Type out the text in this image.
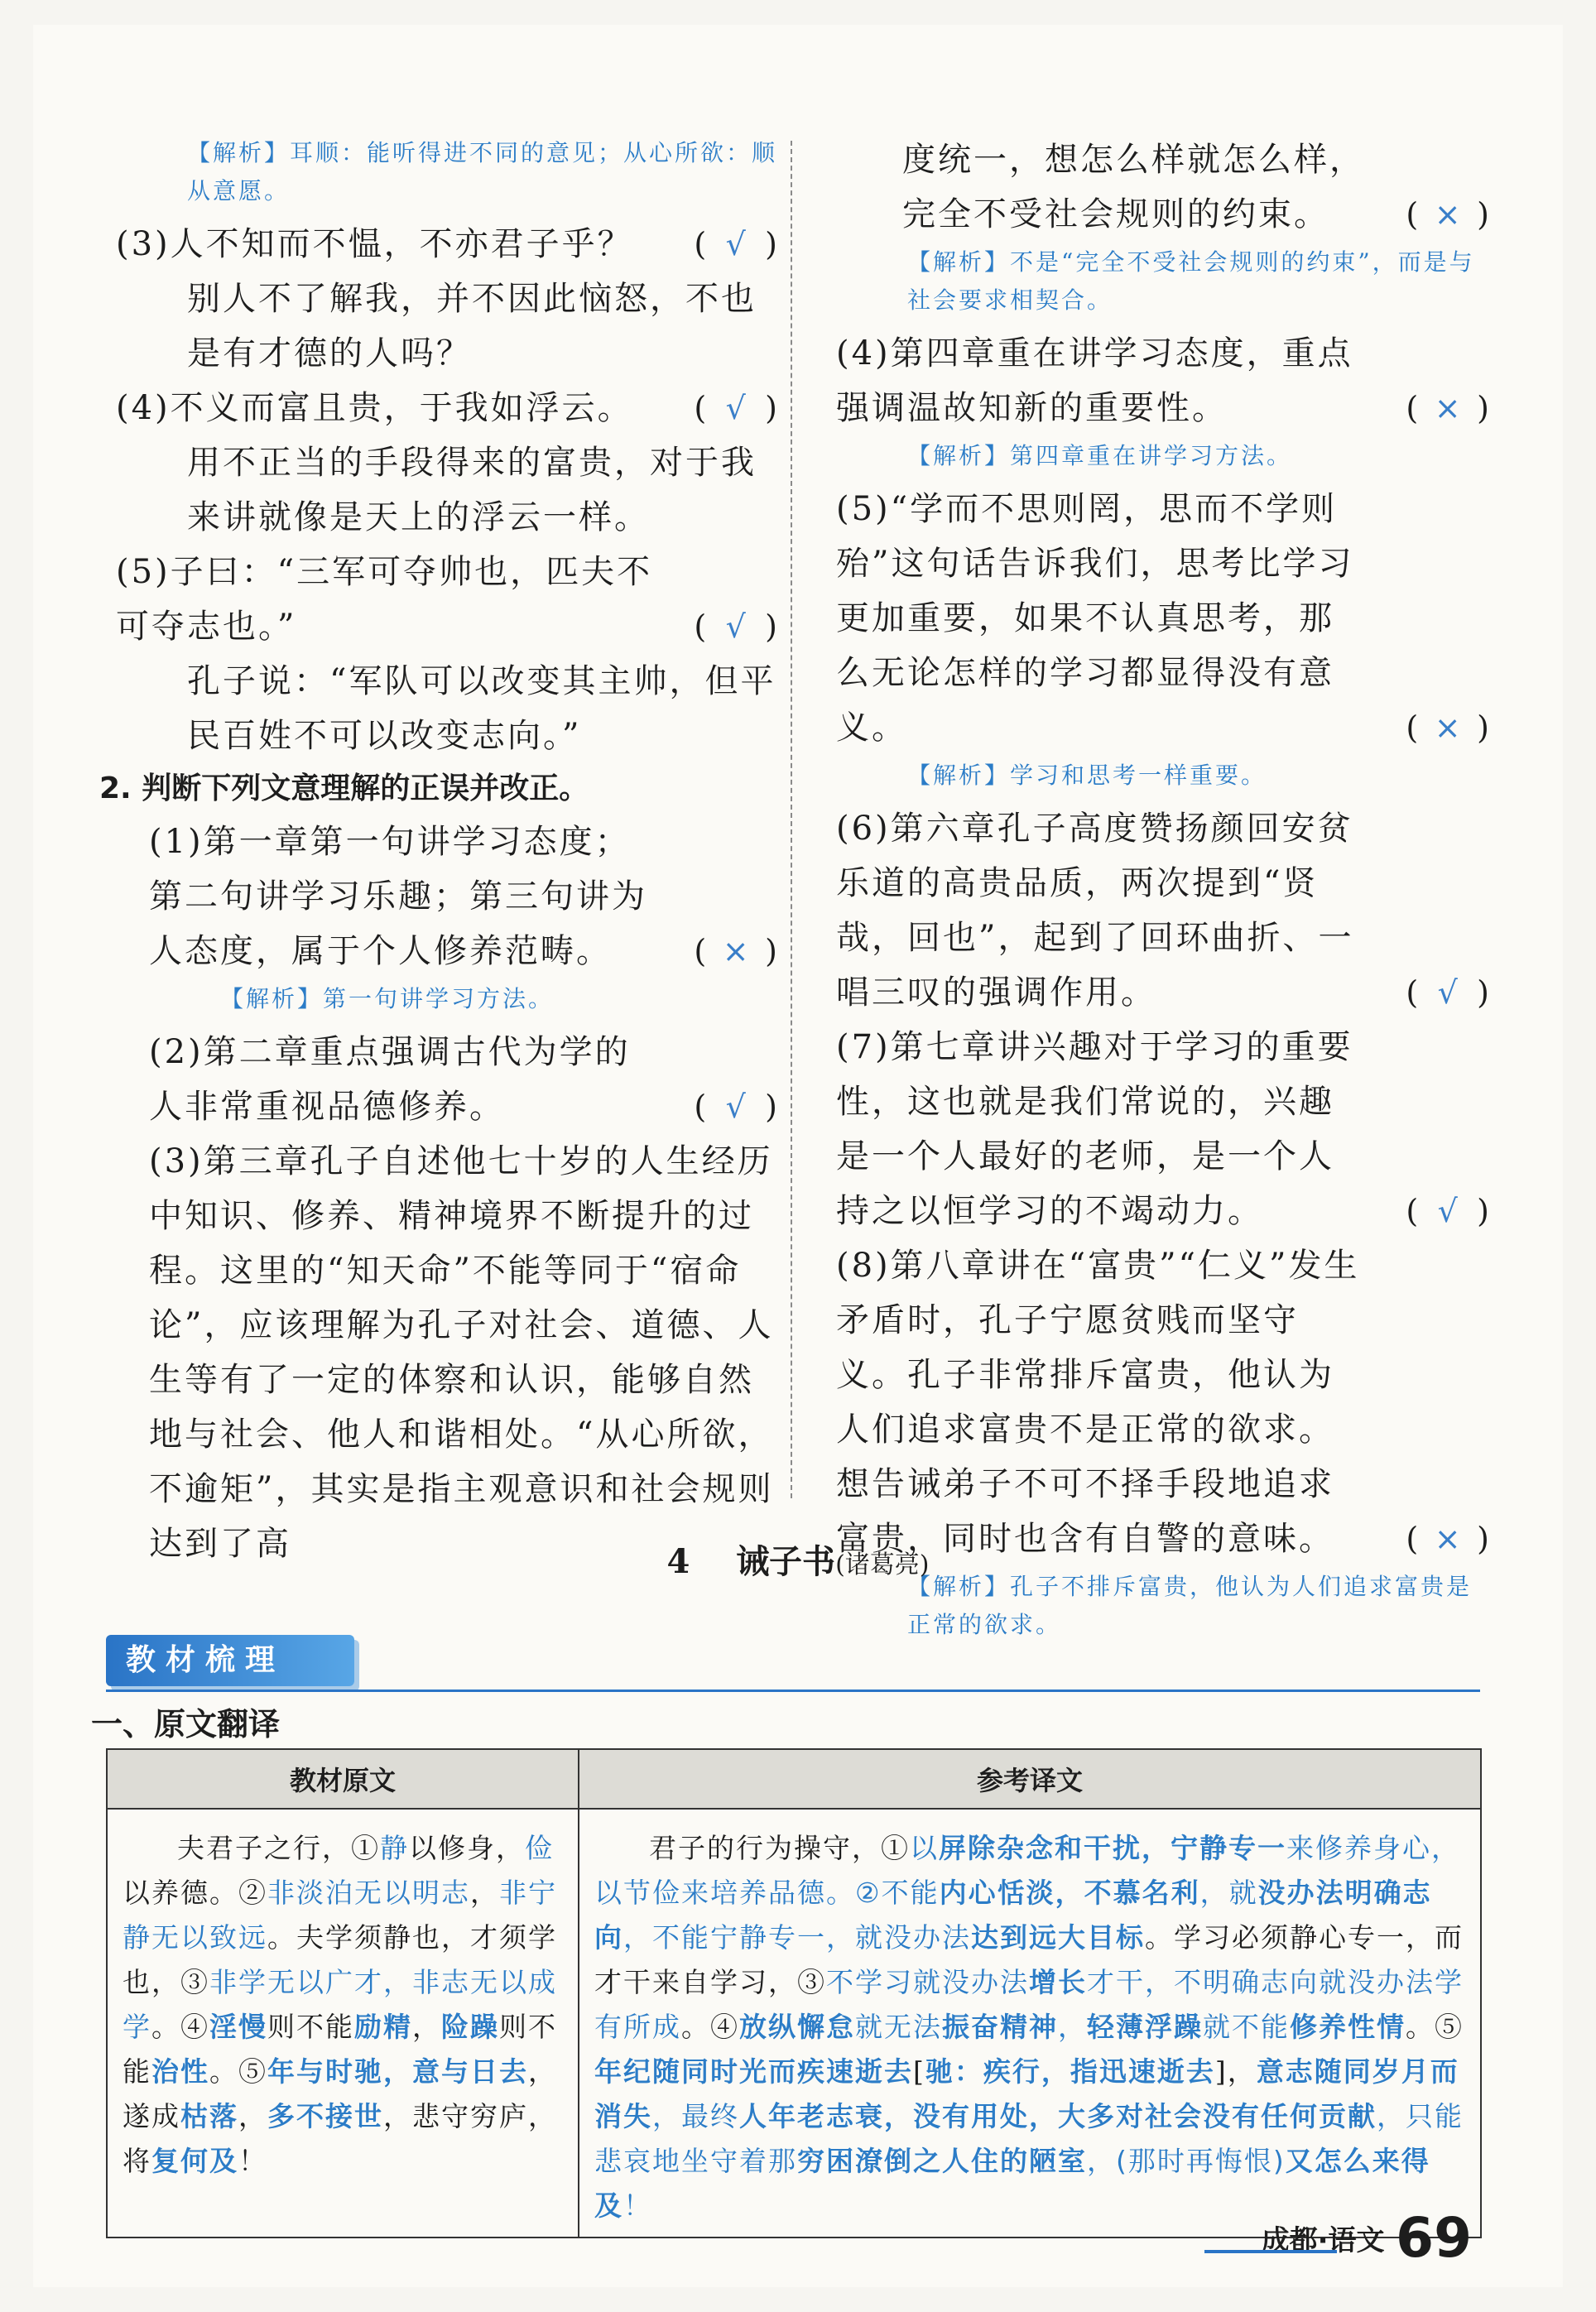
【解析】耳顺：能听得进不同的意见；从心所欲：顺从意愿。
(3)人不知而不愠，不亦君子乎？ ( √ )
别人不了解我，并不因此恼怒，不也是有才德的人吗？
(4)不义而富且贵，于我如浮云。 ( √ )
用不正当的手段得来的富贵，对于我来讲就像是天上的浮云一样。
(5)子曰：“三军可夺帅也，匹夫不可夺志也。”	( √ )
孔子说：“军队可以改变其主帅，但平民百姓不可以改变志向。”
2. 判断下列文意理解的正误并改正。
(1)第一章第一句讲学习态度；第二句讲学习乐趣；第三句讲为人态度，属于个人修养范畴。	( × )
【解析】第一句讲学习方法。
(2)第二章重点强调古代为学的人非常重视品德修养。	( √ )
(3)第三章孔子自述他七十岁的人生经历中知识、修养、精神境界不断提升的过程。这里的“知天命”不能等同于“宿命论”，应该理解为孔子对社会、道德、人生等有了一定的体察和认识，能够自然地与社会、他人和谐相处。“从心所欲，不逾矩”，其实是指主观意识和社会规则达到了高
度统一，想怎么样就怎么样，完全不受社会规则的约束。 ( × )
【解析】不是“完全不受社会规则的约束”，而是与社会要求相契合。
(4)第四章重在讲学习态度，重点强调温故知新的重要性。	( × )
【解析】第四章重在讲学习方法。
(5)“学而不思则罔，思而不学则殆”这句话告诉我们，思考比学习更加重要，如果不认真思考，那么无论怎样的学习都显得没有意义。	( × )
【解析】学习和思考一样重要。
(6)第六章孔子高度赞扬颜回安贫乐道的高贵品质，两次提到“贤哉，回也”，起到了回环曲折、一唱三叹的强调作用。	( √ )
(7)第七章讲兴趣对于学习的重要性，这也就是我们常说的，兴趣是一个人最好的老师，是一个人持之以恒学习的不竭动力。	( √ )
(8)第八章讲在“富贵”“仁义”发生矛盾时，孔子宁愿贫贱而坚守义。孔子非常排斥富贵，他认为人们追求富贵不是正常的欲求。想告诫弟子不可不择手段地追求富贵，同时也含有自警的意味。 ( × )
【解析】孔子不排斥富贵，他认为人们追求富贵是正常的欲求。
4 诫子书(诸葛亮)
教材梳理
一、原文翻译
教材原文	参考译文
夫君子之行，①静以修身，俭以养德。②非淡泊无以明志，非宁静无以致远。夫学须静也，才须学也，③非学无以广才，非志无以成学。④淫慢则不能励精，险躁则不能治性。⑤年与时驰，意与日去，遂成枯落，多不接世，悲守穷庐，将复何及！	君子的行为操守，①以屏除杂念和干扰，宁静专一来修养身心，以节俭来培养品德。②不能内心恬淡，不慕名利，就没办法明确志向，不能宁静专一，就没办法达到远大目标。学习必须静心专一，而才干来自学习，③不学习就没办法增长才干，不明确志向就没办法学有所成。④放纵懈怠就无法振奋精神，轻薄浮躁就不能修养性情。⑤年纪随同时光而疾速逝去[驰：疾行，指迅速逝去]，意志随同岁月而消失，最终人年老志衰，没有用处，大多对社会没有任何贡献，只能悲哀地坐守着那穷困潦倒之人住的陋室，(那时再悔恨)又怎么来得及！
成都·语文 69
